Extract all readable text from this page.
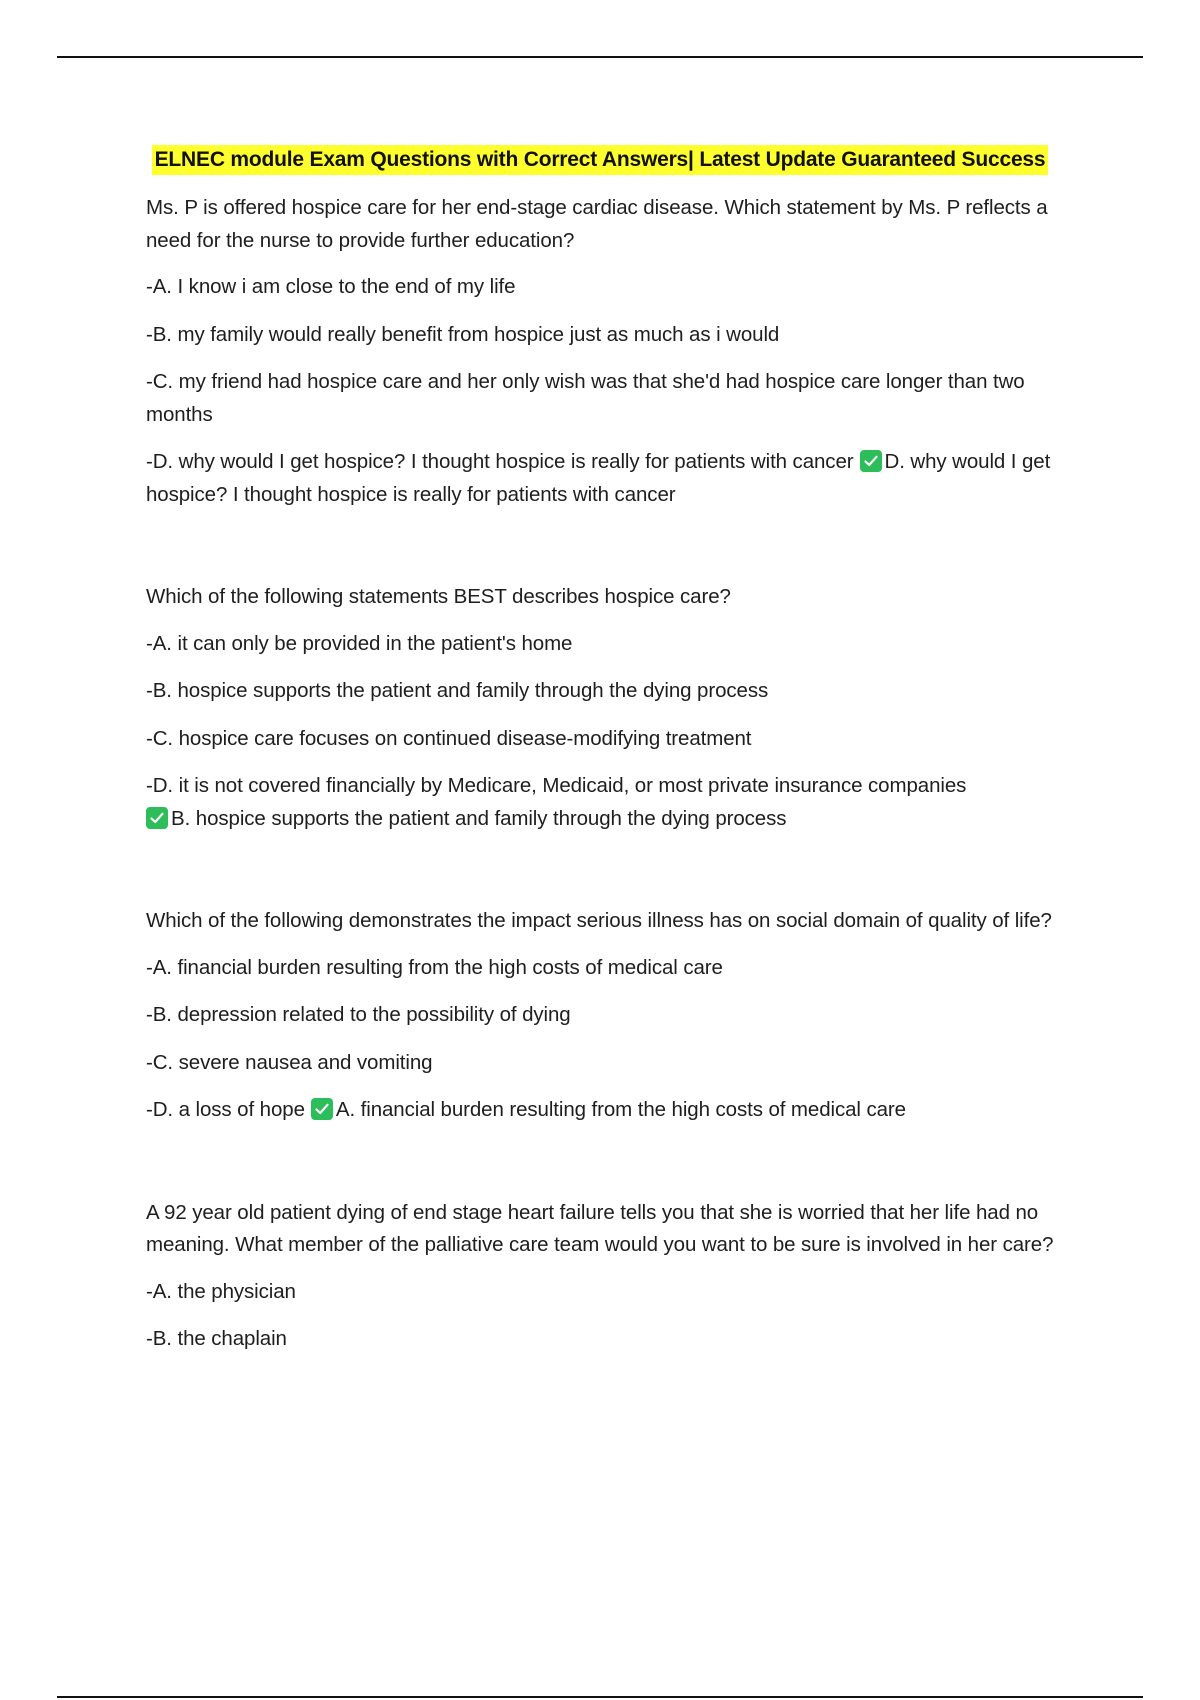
ELNEC module Exam Questions with Correct Answers| Latest Update Guaranteed Success
Ms. P is offered hospice care for her end-stage cardiac disease. Which statement by Ms. P reflects a need for the nurse to provide further education?
-A. I know i am close to the end of my life
-B. my family would really benefit from hospice just as much as i would
-C. my friend had hospice care and her only wish was that she'd had hospice care longer than two months
-D. why would I get hospice? I thought hospice is really for patients with cancer D. why would I get hospice? I thought hospice is really for patients with cancer
Which of the following statements BEST describes hospice care?
-A. it can only be provided in the patient's home
-B. hospice supports the patient and family through the dying process
-C. hospice care focuses on continued disease-modifying treatment
-D. it is not covered financially by Medicare, Medicaid, or most private insurance companies
B. hospice supports the patient and family through the dying process
Which of the following demonstrates the impact serious illness has on social domain of quality of life?
-A. financial burden resulting from the high costs of medical care
-B. depression related to the possibility of dying
-C. severe nausea and vomiting
-D. a loss of hope A. financial burden resulting from the high costs of medical care
A 92 year old patient dying of end stage heart failure tells you that she is worried that her life had no meaning. What member of the palliative care team would you want to be sure is involved in her care?
-A. the physician
-B. the chaplain
